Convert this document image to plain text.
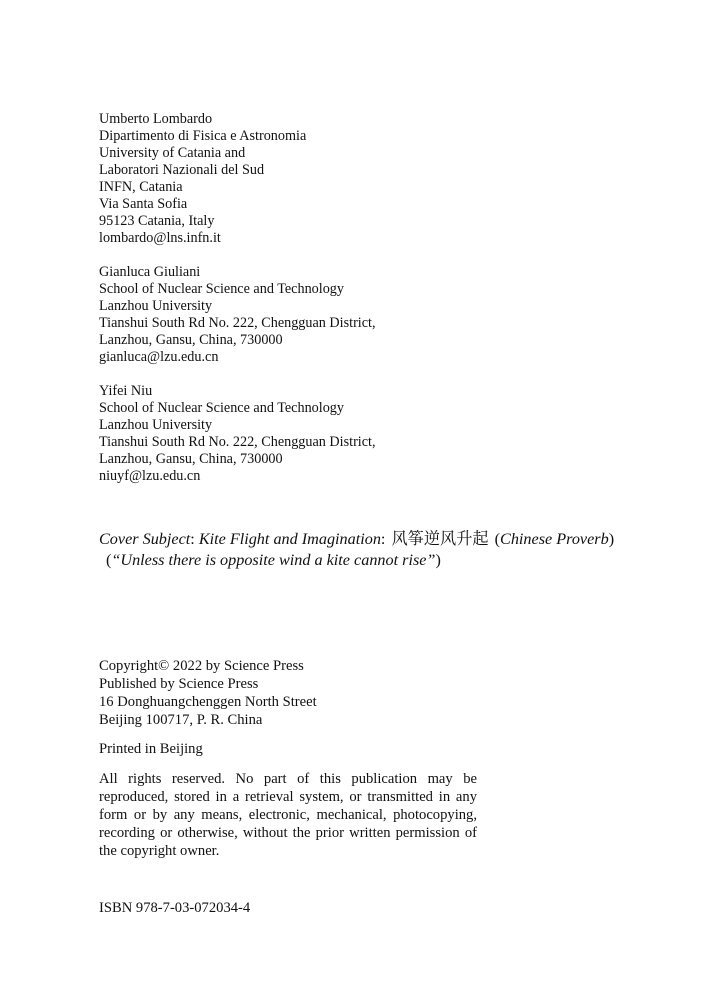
Umberto Lombardo
Dipartimento di Fisica e Astronomia
University of Catania and
Laboratori Nazionali del Sud
INFN, Catania
Via Santa Sofia
95123 Catania, Italy
lombardo@lns.infn.it
Gianluca Giuliani
School of Nuclear Science and Technology
Lanzhou University
Tianshui South Rd No. 222, Chengguan District,
Lanzhou, Gansu, China, 730000
gianluca@lzu.edu.cn
Yifei Niu
School of Nuclear Science and Technology
Lanzhou University
Tianshui South Rd No. 222, Chengguan District,
Lanzhou, Gansu, China, 730000
niuyf@lzu.edu.cn
Cover Subject: Kite Flight and Imagination: 风筝逆风升起 (Chinese Proverb)
(“Unless there is opposite wind a kite cannot rise”)
Copyright© 2022 by Science Press
Published by Science Press
16 Donghuangchenggen North Street
Beijing 100717, P. R. China
Printed in Beijing
All rights reserved. No part of this publication may be reproduced, stored in a retrieval system, or transmitted in any form or by any means, electronic, mechanical, photocopying, recording or otherwise, without the prior written permission of the copyright owner.
ISBN 978-7-03-072034-4
